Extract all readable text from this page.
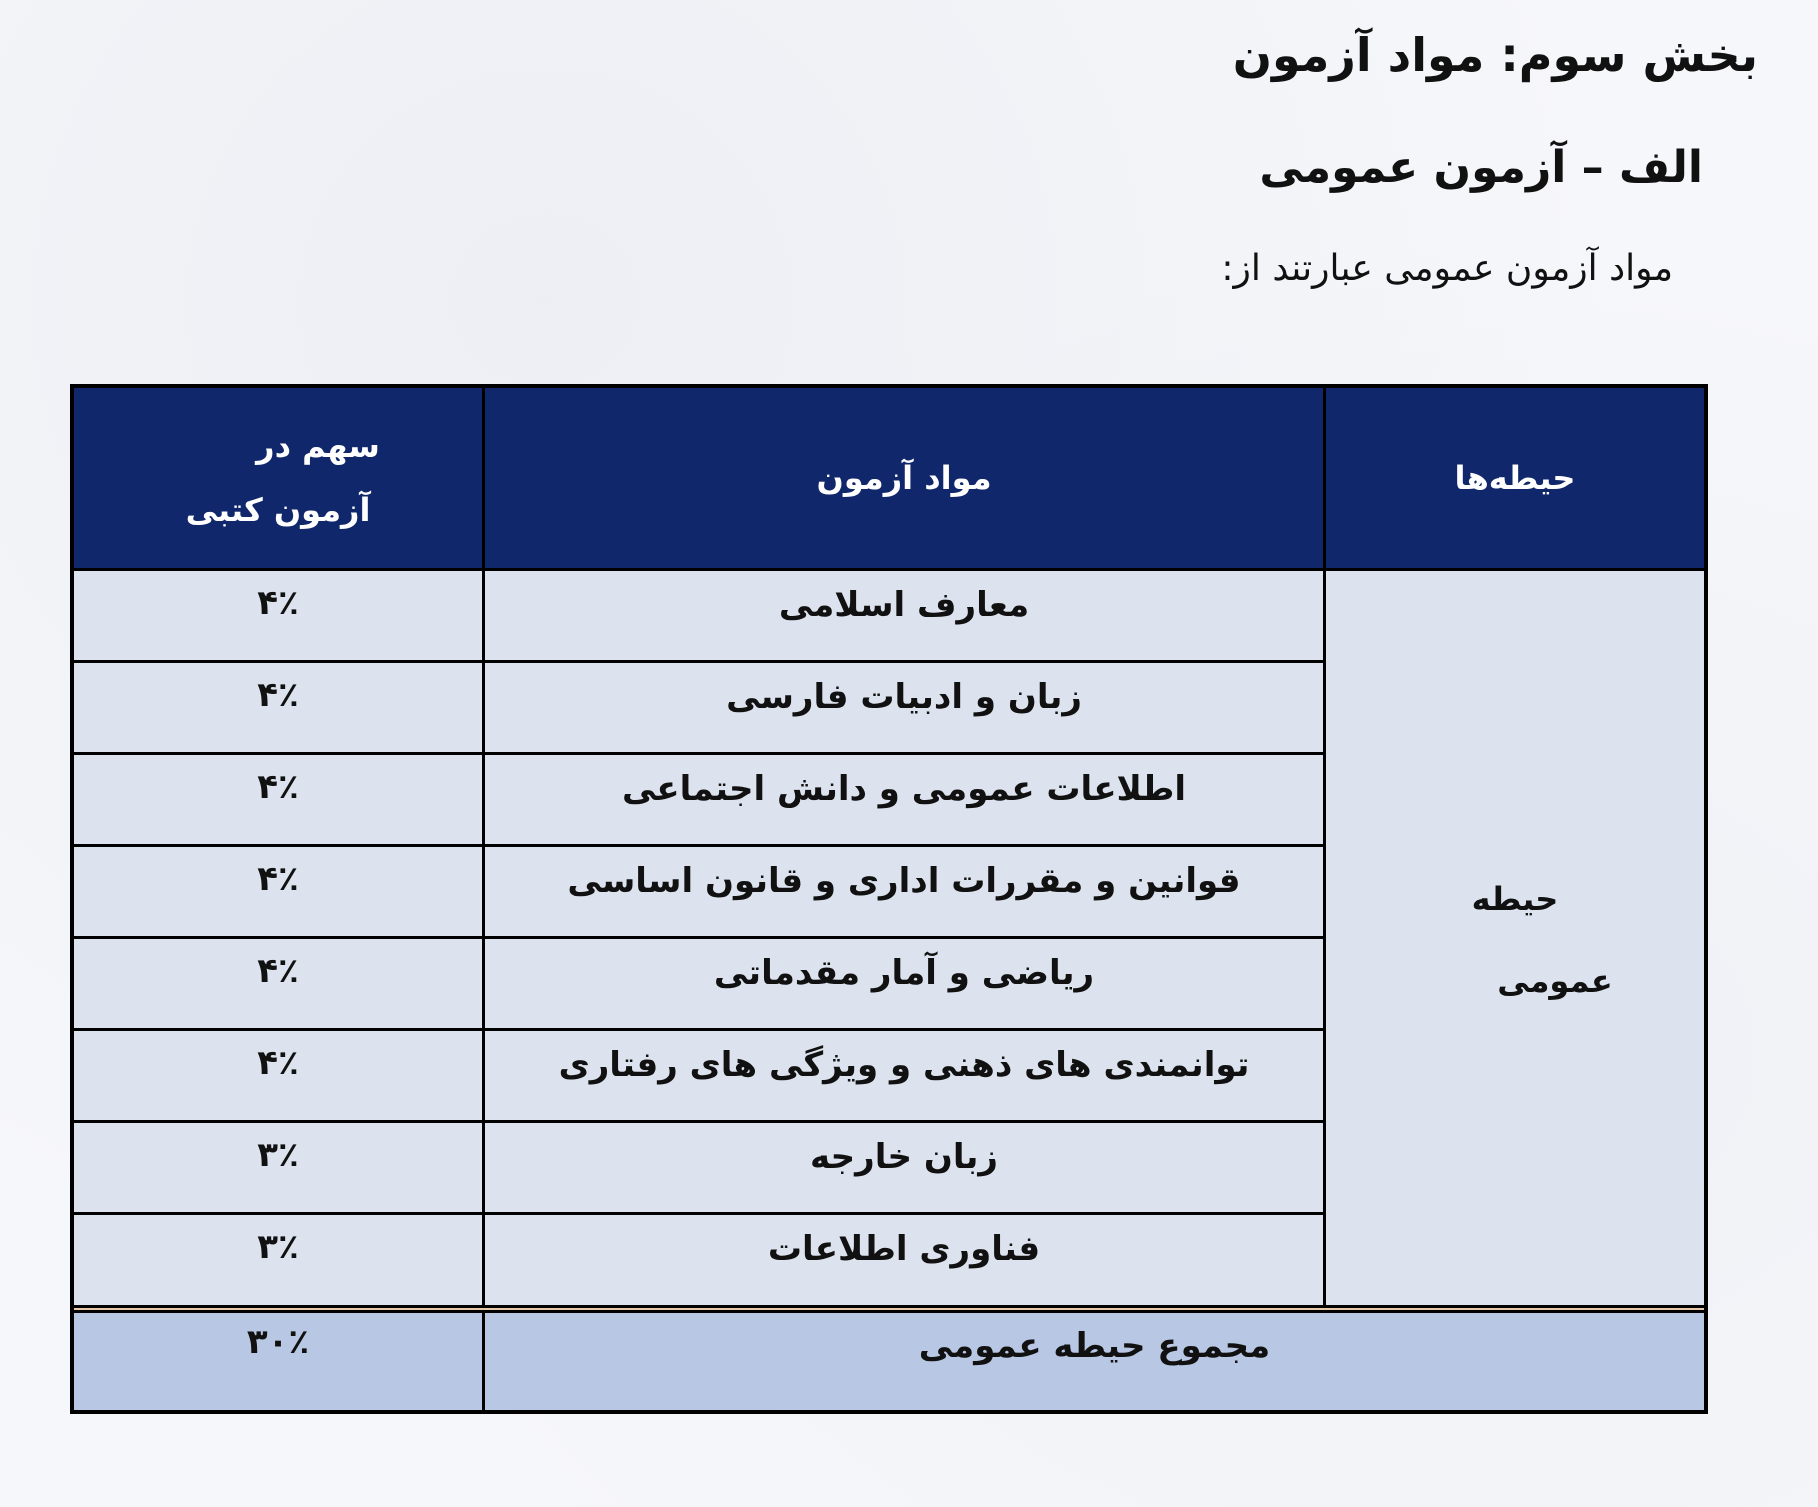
بخش سوم: مواد آزمون
الف – آزمون عمومی
مواد آزمون عمومی عبارتند از:
حیطه‌ها
مواد آزمون
سهم در
آزمون کتبی
حیطه
عمومی
معارف اسلامی
۴٪
زبان و ادبیات فارسی
۴٪
اطلاعات عمومی و دانش اجتماعی
۴٪
قوانین و مقررات اداری و قانون اساسی
۴٪
ریاضی و آمار مقدماتی
۴٪
توانمندی های ذهنی و ویژگی های رفتاری
۴٪
زبان خارجه
۳٪
فناوری اطلاعات
۳٪
مجموع حیطه عمومی
۳۰٪
